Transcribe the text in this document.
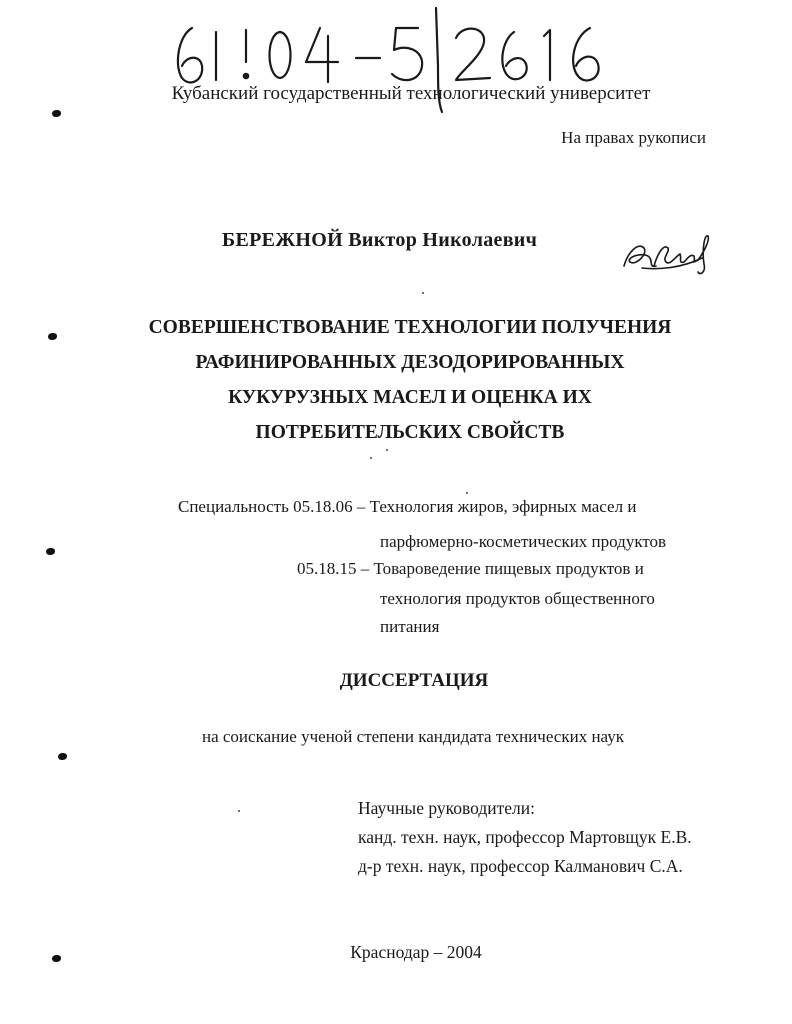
Кубанский государственный технологический университет
На правах рукописи
БЕРЕЖНОЙ Виктор Николаевич
СОВЕРШЕНСТВОВАНИЕ ТЕХНОЛОГИИ ПОЛУЧЕНИЯ
РАФИНИРОВАННЫХ ДЕЗОДОРИРОВАННЫХ
КУКУРУЗНЫХ МАСЕЛ И ОЦЕНКА ИХ
ПОТРЕБИТЕЛЬСКИХ СВОЙСТВ
Специальность 05.18.06 – Технология жиров, эфирных масел и
парфюмерно-косметических продуктов
05.18.15 – Товароведение пищевых продуктов и
технология продуктов общественного
питания
ДИССЕРТАЦИЯ
на соискание ученой степени кандидата технических наук
Научные руководители:
канд. техн. наук, профессор Мартовщук Е.В.
д-р техн. наук, профессор Калманович С.А.
Краснодар – 2004
